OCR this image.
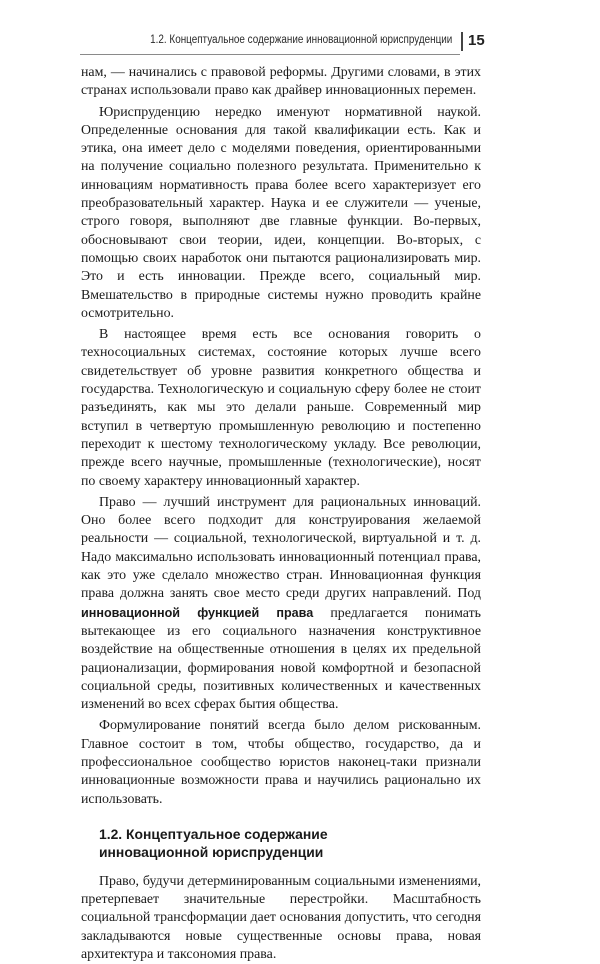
1.2. Концептуальное содержание инновационной юриспруденции 15

нам, — начинались с правовой реформы. Другими словами, в этих странах использовали право как драйвер инновационных перемен.

Юриспруденцию нередко именуют нормативной наукой. Определенные основания для такой квалификации есть. Как и этика, она имеет дело с моделями поведения, ориентированными на получение социально полезного результата. Применительно к инновациям нормативность права более всего характеризует его преобразовательный характер. Наука и ее служители — ученые, строго говоря, выполняют две главные функции. Во-первых, обосновывают свои теории, идеи, концепции. Во-вторых, с помощью своих наработок они пытаются рационализировать мир. Это и есть инновации. Прежде всего, социальный мир. Вмешательство в природные системы нужно проводить крайне осмотрительно.

В настоящее время есть все основания говорить о техносоциальных системах, состояние которых лучше всего свидетельствует об уровне развития конкретного общества и государства. Технологическую и социальную сферу более не стоит разъединять, как мы это делали раньше. Современный мир вступил в четвертую промышленную революцию и постепенно переходит к шестому технологическому укладу. Все революции, прежде всего научные, промышленные (технологические), носят по своему характеру инновационный характер.

Право — лучший инструмент для рациональных инноваций. Оно более всего подходит для конструирования желаемой реальности — социальной, технологической, виртуальной и т. д. Надо максимально использовать инновационный потенциал права, как это уже сделало множество стран. Инновационная функция права должна занять свое место среди других направлений. Под инновационной функцией права предлагается понимать вытекающее из его социального назначения конструктивное воздействие на общественные отношения в целях их предельной рационализации, формирования новой комфортной и безопасной социальной среды, позитивных количественных и качественных изменений во всех сферах бытия общества.

Формулирование понятий всегда было делом рискованным. Главное состоит в том, чтобы общество, государство, да и профессиональное сообщество юристов наконец-таки признали инновационные возможности права и научились рационально их использовать.

1.2. Концептуальное содержание
инновационной юриспруденции

Право, будучи детерминированным социальными изменениями, претерпевает значительные перестройки. Масштабность социальной трансформации дает основания допустить, что сегодня закладываются новые существенные основы права, новая архитектура и таксономия права.
